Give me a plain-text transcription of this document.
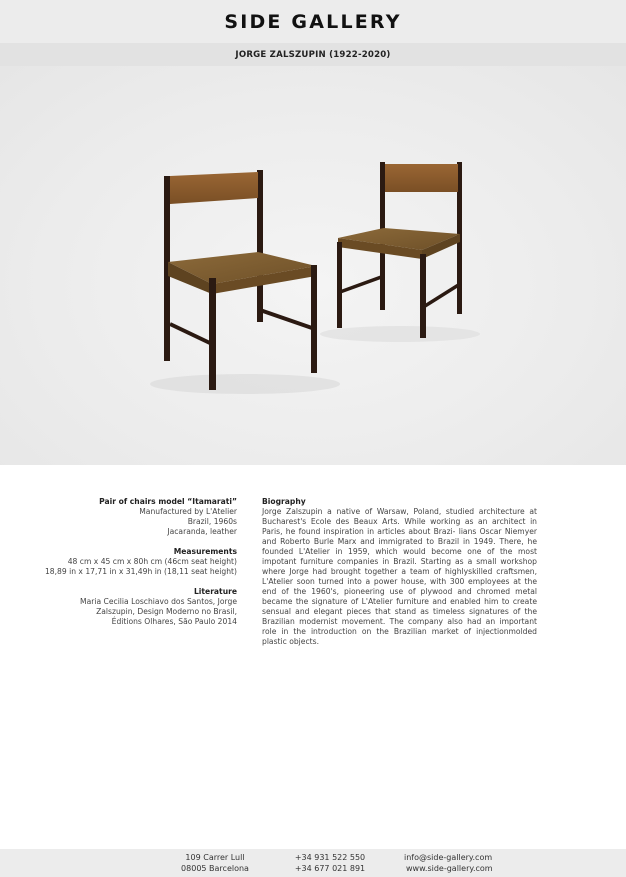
SIDE GALLERY
JORGE ZALSZUPIN (1922-2020)
Pair of chairs model “Itamarati”
Manufactured by L'Atelier
Brazil, 1960s
Jacaranda, leather
Measurements
48 cm x 45 cm x 80h cm (46cm seat height)
18,89 in x 17,71 in x 31,49h in (18,11 seat height)
Literature
Maria Cecilia Loschiavo dos Santos, Jorge
Zalszupin, Design Moderno no Brasil,
Éditions Olhares, São Paulo 2014
Biography

Jorge Zalszupin a native of Warsaw, Poland, studied architecture at Bucharest's Ecole des Beaux Arts. While working as an architect in Paris, he found inspiration in articles about Brazi- lians Oscar Niemyer and Roberto Burle Marx and immigrated to Brazil in 1949. There, he founded L'Atelier in 1959, which would become one of the most impotant furniture companies in Brazil. Starting as a small workshop where Jorge had brought together a team of highlyskilled craftsmen, L'Atelier soon turned into a power house, with 300 employees at the end of the 1960's, pioneering use of plywood and chromed metal became the signature of L'Atelier furniture and enabled him to create sensual and elegant pieces that stand as timeless signatures of the Brazilian modernist movement. The company also had an important role in the introduction on the Brazilian market of injectionmolded plastic objects.

109 Carrer Lull
08005 Barcelona
+34 931 522 550
+34 677 021 891
info@side-gallery.com
www.side-gallery.com
